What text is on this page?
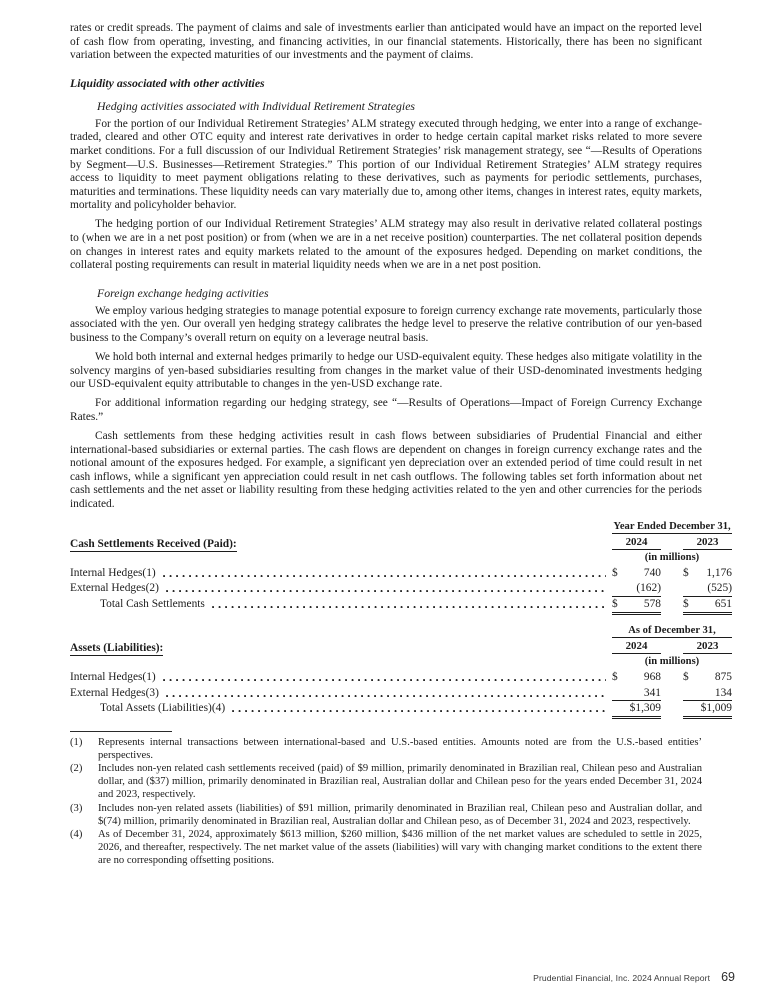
rates or credit spreads. The payment of claims and sale of investments earlier than anticipated would have an impact on the reported level of cash flow from operating, investing, and financing activities, in our financial statements. Historically, there has been no significant variation between the expected maturities of our investments and the payment of claims.

Liquidity associated with other activities
Hedging activities associated with Individual Retirement Strategies

For the portion of our Individual Retirement Strategies’ ALM strategy executed through hedging, we enter into a range of exchange-traded, cleared and other OTC equity and interest rate derivatives in order to hedge certain capital market risks related to more severe market conditions. For a full discussion of our Individual Retirement Strategies’ risk management strategy, see “—Results of Operations by Segment—U.S. Businesses—Retirement Strategies.” This portion of our Individual Retirement Strategies’ ALM strategy requires access to liquidity to meet payment obligations relating to these derivatives, such as payments for periodic settlements, purchases, maturities and terminations. These liquidity needs can vary materially due to, among other items, changes in interest rates, equity markets, mortality and policyholder behavior.

The hedging portion of our Individual Retirement Strategies’ ALM strategy may also result in derivative related collateral postings to (when we are in a net post position) or from (when we are in a net receive position) counterparties. The net collateral position depends on changes in interest rates and equity markets related to the amount of the exposures hedged. Depending on market conditions, the collateral posting requirements can result in material liquidity needs when we are in a net post position.

Foreign exchange hedging activities

We employ various hedging strategies to manage potential exposure to foreign currency exchange rate movements, particularly those associated with the yen. Our overall yen hedging strategy calibrates the hedge level to preserve the relative contribution of our yen-based business to the Company’s overall return on equity on a leverage neutral basis.

We hold both internal and external hedges primarily to hedge our USD-equivalent equity. These hedges also mitigate volatility in the solvency margins of yen-based subsidiaries resulting from changes in the market value of their USD-denominated investments hedging our USD-equivalent equity attributable to changes in the yen-USD exchange rate.

For additional information regarding our hedging strategy, see “—Results of Operations—Impact of Foreign Currency Exchange Rates.”

Cash settlements from these hedging activities result in cash flows between subsidiaries of Prudential Financial and either international-based subsidiaries or external parties. The cash flows are dependent on changes in foreign currency exchange rates and the notional amount of the exposures hedged. For example, a significant yen depreciation over an extended period of time could result in net cash inflows, while a significant yen appreciation could result in net cash outflows. The following tables set forth information about net cash settlements and the net asset or liability resulting from these hedging activities related to the yen and other currencies for the periods indicated.

Cash Settlements Received (Paid):
Year Ended December 31,
2024	2023
(in millions)
Internal Hedges(1)	$ 740 $ 1,176
External Hedges(2)	(162)	(525)
Total Cash Settlements	$ 578 $ 651
Assets (Liabilities):
As of December 31,
2024	2023
(in millions)
Internal Hedges(1)	$ 968 $ 875
External Hedges(3)	341	134
Total Assets (Liabilities)(4)	$1,309	$1,009
(1)	Represents internal transactions between international-based and U.S.-based entities. Amounts noted are from the U.S.-based entities’ perspectives.
(2)	Includes non-yen related cash settlements received (paid) of $9 million, primarily denominated in Brazilian real, Chilean peso and Australian dollar, and ($37) million, primarily denominated in Brazilian real, Australian dollar and Chilean peso for the years ended December 31, 2024 and 2023, respectively.
(3)	Includes non-yen related assets (liabilities) of $91 million, primarily denominated in Brazilian real, Chilean peso and Australian dollar, and $(74) million, primarily denominated in Brazilian real, Australian dollar and Chilean peso, as of December 31, 2024 and 2023, respectively.
(4)	As of December 31, 2024, approximately $613 million, $260 million, $436 million of the net market values are scheduled to settle in 2025, 2026, and thereafter, respectively. The net market value of the assets (liabilities) will vary with changing market conditions to the extent there are no corresponding offsetting positions.
Prudential Financial, Inc. 2024 Annual Report 69
